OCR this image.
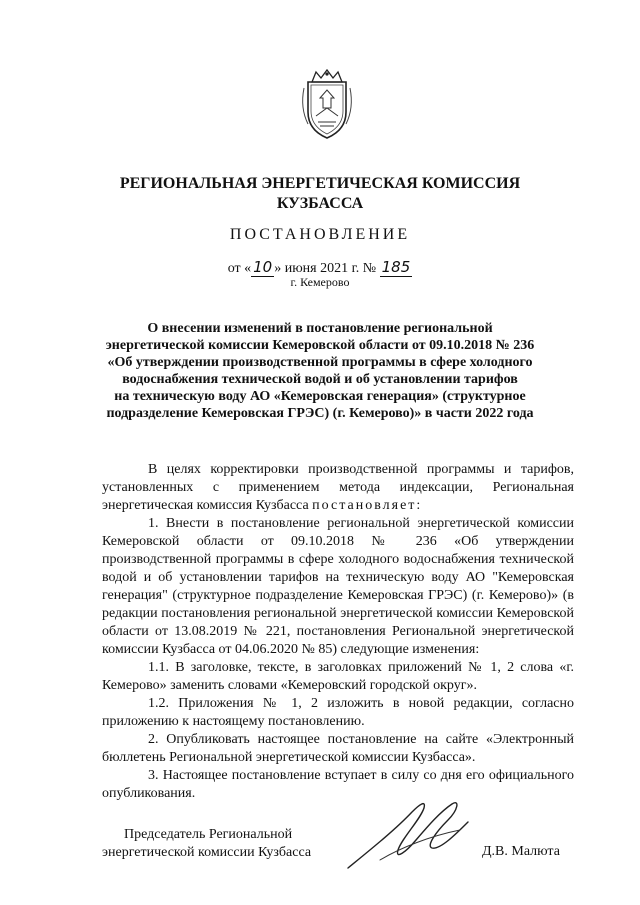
РЕГИОНАЛЬНАЯ ЭНЕРГЕТИЧЕСКАЯ КОМИССИЯ
КУЗБАССА
ПОСТАНОВЛЕНИЕ
от « 10 » июня 2021 г. № 185
г. Кемерово
О внесении изменений в постановление региональной
энергетической комиссии Кемеровской области от 09.10.2018 № 236
«Об утверждении производственной программы в сфере холодного
водоснабжения технической водой и об установлении тарифов
на техническую воду АО «Кемеровская генерация» (структурное
подразделение Кемеровская ГРЭС) (г. Кемерово)» в части 2022 года

В целях корректировки производственной программы и тарифов, установленных с применением метода индексации, Региональная энергетическая комиссия Кузбасса постановляет:

1. Внести в постановление региональной энергетической комиссии Кемеровской области от 09.10.2018 № 236 «Об утверждении производственной программы в сфере холодного водоснабжения технической водой и об установлении тарифов на техническую воду АО "Кемеровская генерация" (структурное подразделение Кемеровская ГРЭС) (г. Кемерово)» (в редакции постановления региональной энергетической комиссии Кемеровской области от 13.08.2019 № 221, постановления Региональной энергетической комиссии Кузбасса от 04.06.2020 № 85) следующие изменения:

1.1. В заголовке, тексте, в заголовках приложений № 1, 2 слова «г. Кемерово» заменить словами «Кемеровский городской округ».

1.2. Приложения № 1, 2 изложить в новой редакции, согласно приложению к настоящему постановлению.

2. Опубликовать настоящее постановление на сайте «Электронный бюллетень Региональной энергетической комиссии Кузбасса».

3. Настоящее постановление вступает в силу со дня его официального опубликования.

Председатель Региональной
энергетической комиссии Кузбасса	Д.В. Малюта
